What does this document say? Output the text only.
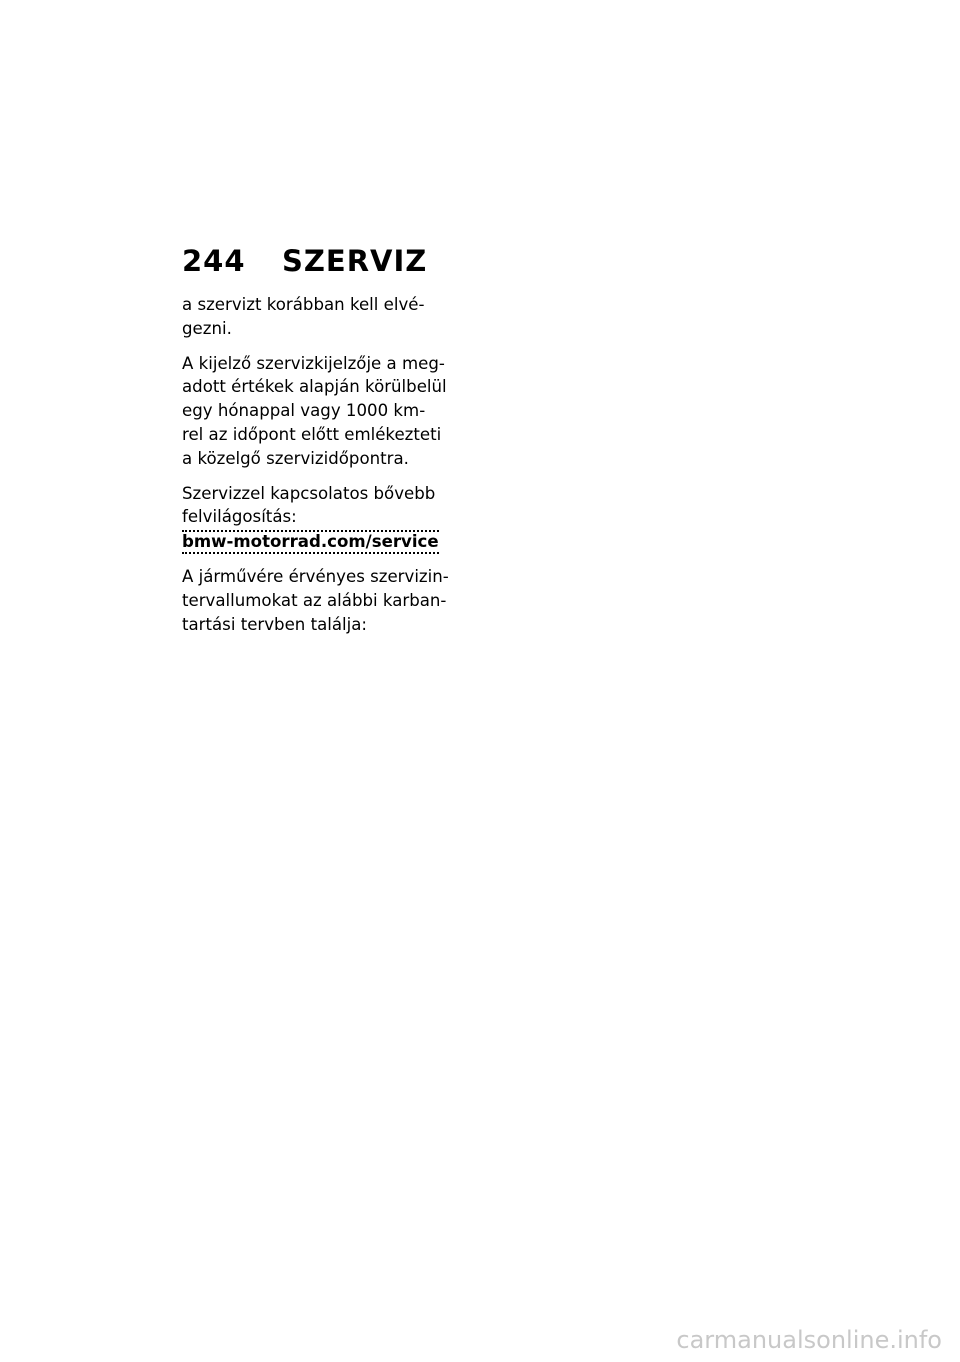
244	SZERVIZ

a szervizt korábban kell elvé-
gezni.

A kijelző szervizkijelzője a meg-
adott értékek alapján körülbelül
egy hónappal vagy 1000 km-
rel az időpont előtt emlékezteti
a közelgő szervizidőpontra.

Szervizzel kapcsolatos bővebb
felvilágosítás:
bmw-motorrad.com/service

A járművére érvényes szervizin-
tervallumokat az alábbi karban-
tartási tervben találja:

carmanualsonline.info
